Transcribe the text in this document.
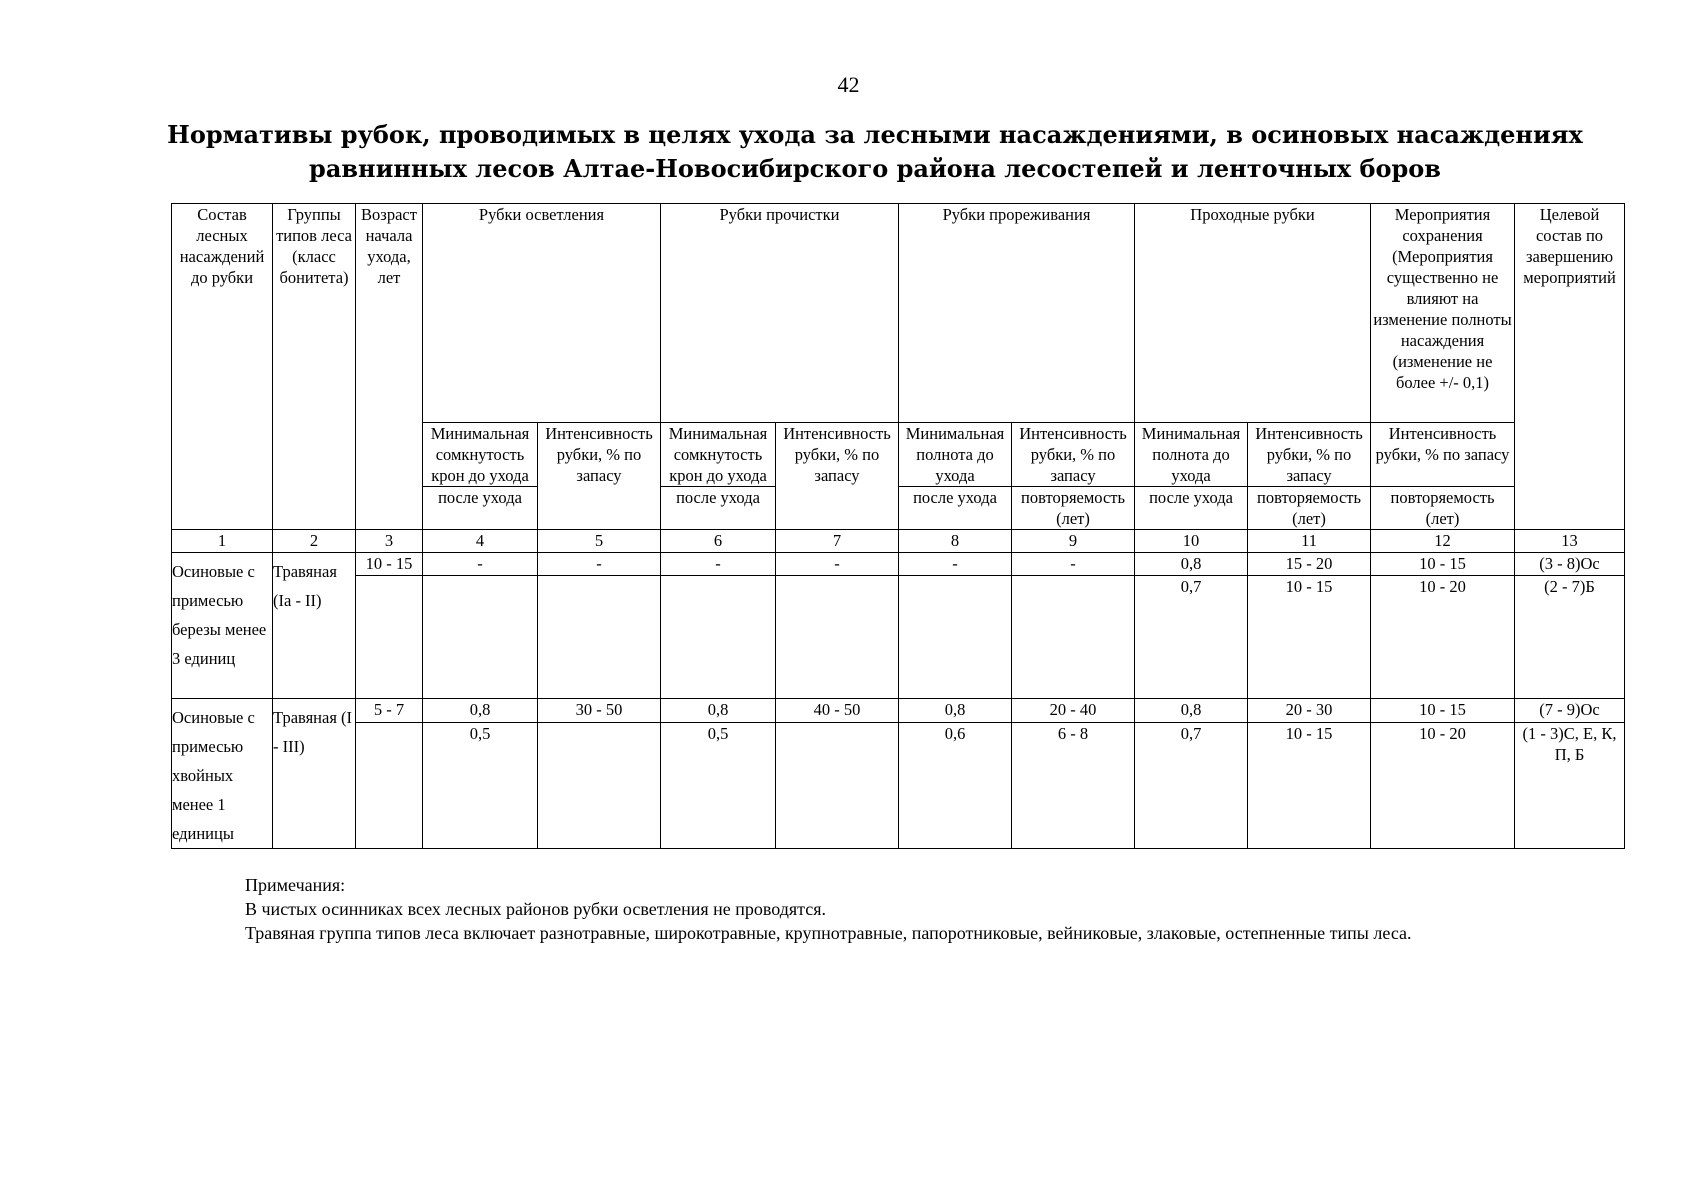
42
Нормативы рубок, проводимых в целях ухода за лесными насаждениями, в осиновых насаждениях равнинных лесов Алтае-Новосибирского района лесостепей и ленточных боров
Состав лесных насаждений до рубки	Группы типов леса (класс бонитета)	Возраст начала ухода, лет	Рубки осветления		Рубки прочистки		Рубки прореживания		Проходные рубки		Мероприятия сохранения (Мероприятия существенно не влияют на изменение полноты насаждения (изменение не более +/- 0,1)	Целевой состав по завершению мероприятий
			Минимальная сомкнутость крон до ухода	Интенсивность рубки, % по запасу	Минимальная сомкнутость крон до ухода	Интенсивность рубки, % по запасу	Минимальная полнота до ухода	Интенсивность рубки, % по запасу	Минимальная полнота до ухода	Интенсивность рубки, % по запасу	Интенсивность рубки, % по запасу	
			после ухода		после ухода		после ухода	повторяемость (лет)	после ухода	повторяемость (лет)	повторяемость (лет)	
1	2	3	4	5	6	7	8	9	10	11	12	13
Осиновые с примесью березы менее 3 единиц	Травяная (Ia - II)	10 - 15	-	-	-	-	-	-	0,8	15 - 20	10 - 15	(3 - 8)Ос
									0,7	10 - 15	10 - 20	(2 - 7)Б
Осиновые с примесью хвойных менее 1 единицы	Травяная (I - III)	5 - 7	0,8	30 - 50	0,8	40 - 50	0,8	20 - 40	0,8	20 - 30	10 - 15	(7 - 9)Ос
			0,5		0,5		0,6	6 - 8	0,7	10 - 15	10 - 20	(1 - 3)С, Е, К, П, Б
Примечания:
В чистых осинниках всех лесных районов рубки осветления не проводятся.
Травяная группа типов леса включает разнотравные, широкотравные, крупнотравные, папоротниковые, вейниковые, злаковые, остепненные типы леса.
